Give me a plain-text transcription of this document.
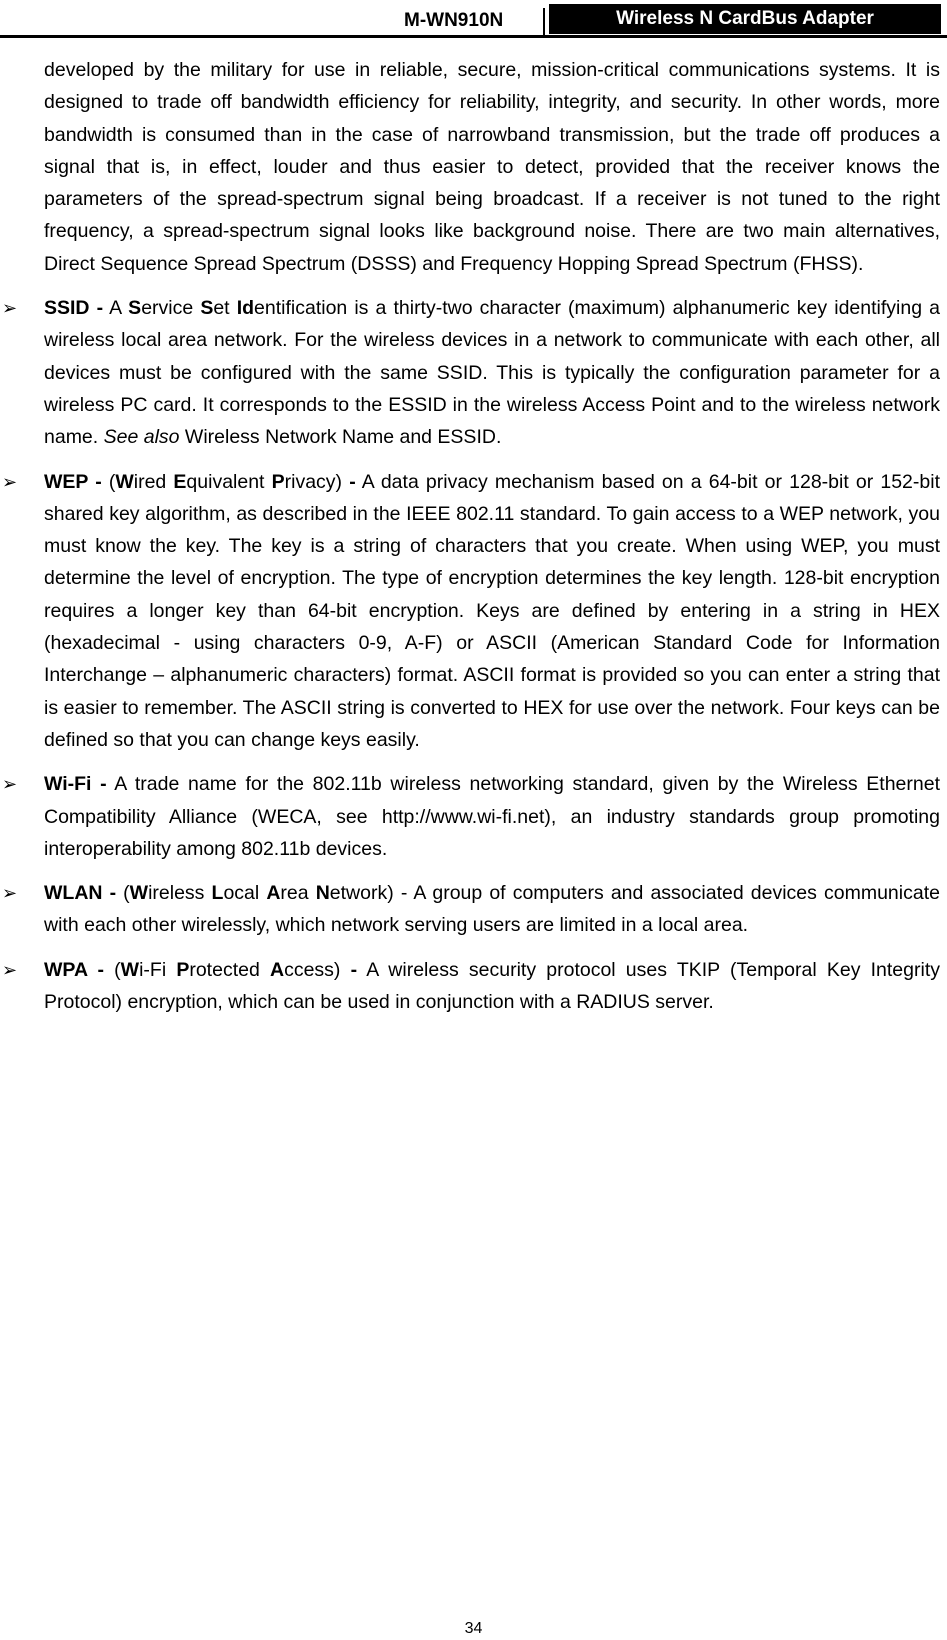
M-WN910N	Wireless N CardBus Adapter

developed by the military for use in reliable, secure, mission-critical communications systems. It is designed to trade off bandwidth efficiency for reliability, integrity, and security. In other words, more bandwidth is consumed than in the case of narrowband transmission, but the trade off produces a signal that is, in effect, louder and thus easier to detect, provided that the receiver knows the parameters of the spread-spectrum signal being broadcast. If a receiver is not tuned to the right frequency, a spread-spectrum signal looks like background noise. There are two main alternatives, Direct Sequence Spread Spectrum (DSSS) and Frequency Hopping Spread Spectrum (FHSS).

➢ SSID - A Service Set Identification is a thirty-two character (maximum) alphanumeric key identifying a wireless local area network. For the wireless devices in a network to communicate with each other, all devices must be configured with the same SSID. This is typically the configuration parameter for a wireless PC card. It corresponds to the ESSID in the wireless Access Point and to the wireless network name. See also Wireless Network Name and ESSID.

➢ WEP - (Wired Equivalent Privacy) - A data privacy mechanism based on a 64-bit or 128-bit or 152-bit shared key algorithm, as described in the IEEE 802.11 standard. To gain access to a WEP network, you must know the key. The key is a string of characters that you create. When using WEP, you must determine the level of encryption. The type of encryption determines the key length. 128-bit encryption requires a longer key than 64-bit encryption. Keys are defined by entering in a string in HEX (hexadecimal - using characters 0-9, A-F) or ASCII (American Standard Code for Information Interchange – alphanumeric characters) format. ASCII format is provided so you can enter a string that is easier to remember. The ASCII string is converted to HEX for use over the network. Four keys can be defined so that you can change keys easily.

➢ Wi-Fi - A trade name for the 802.11b wireless networking standard, given by the Wireless Ethernet Compatibility Alliance (WECA, see http://www.wi-fi.net), an industry standards group promoting interoperability among 802.11b devices.

➢ WLAN - (Wireless Local Area Network) - A group of computers and associated devices communicate with each other wirelessly, which network serving users are limited in a local area.

➢ WPA - (Wi-Fi Protected Access) - A wireless security protocol uses TKIP (Temporal Key Integrity Protocol) encryption, which can be used in conjunction with a RADIUS server.

34
